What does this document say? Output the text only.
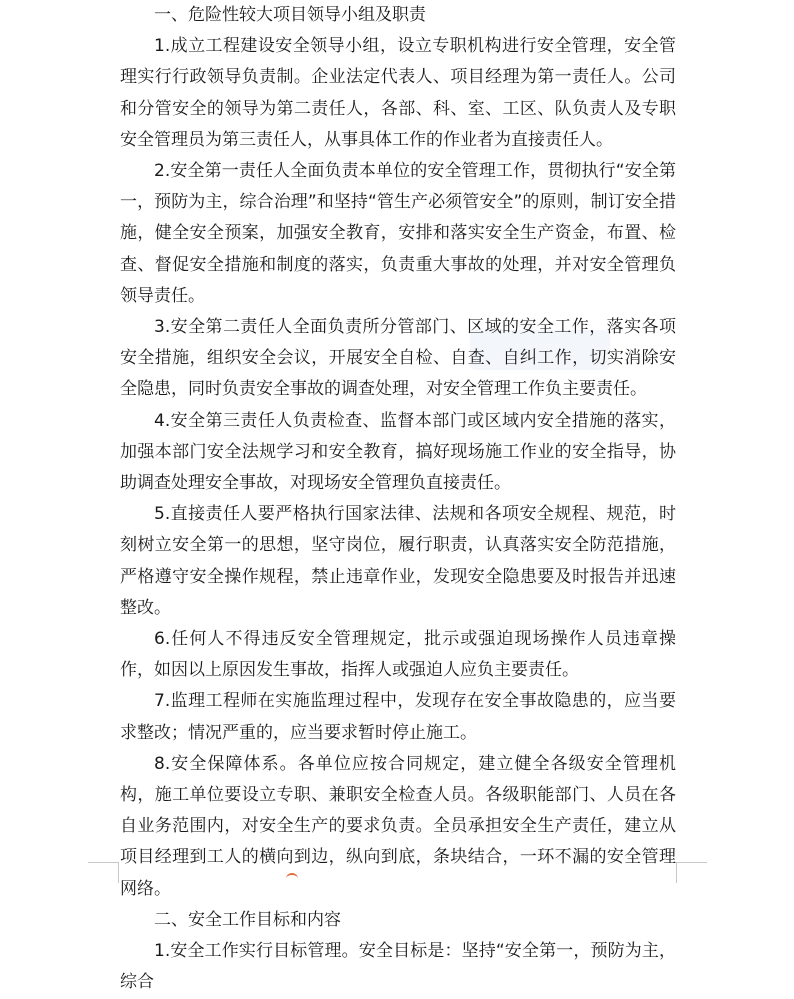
一、危险性较大项目领导小组及职责

1.成立工程建设安全领导小组，设立专职机构进行安全管理，安全管理实行行政领导负责制。企业法定代表人、项目经理为第一责任人。公司和分管安全的领导为第二责任人，各部、科、室、工区、队负责人及专职安全管理员为第三责任人，从事具体工作的作业者为直接责任人。

2.安全第一责任人全面负责本单位的安全管理工作，贯彻执行“安全第一，预防为主，综合治理”和坚持“管生产必须管安全”的原则，制订安全措施，健全安全预案，加强安全教育，安排和落实安全生产资金，布置、检查、督促安全措施和制度的落实，负责重大事故的处理，并对安全管理负领导责任。

3.安全第二责任人全面负责所分管部门、区域的安全工作，落实各项安全措施，组织安全会议，开展安全自检、自查、自纠工作，切实消除安全隐患，同时负责安全事故的调查处理，对安全管理工作负主要责任。

4.安全第三责任人负责检查、监督本部门或区域内安全措施的落实，加强本部门安全法规学习和安全教育，搞好现场施工作业的安全指导，协助调查处理安全事故，对现场安全管理负直接责任。

5.直接责任人要严格执行国家法律、法规和各项安全规程、规范，时刻树立安全第一的思想，坚守岗位，履行职责，认真落实安全防范措施，严格遵守安全操作规程，禁止违章作业，发现安全隐患要及时报告并迅速整改。

6.任何人不得违反安全管理规定，批示或强迫现场操作人员违章操作，如因以上原因发生事故，指挥人或强迫人应负主要责任。

7.监理工程师在实施监理过程中，发现存在安全事故隐患的，应当要求整改；情况严重的，应当要求暂时停止施工。

8.安全保障体系。各单位应按合同规定，建立健全各级安全管理机构，施工单位要设立专职、兼职安全检查人员。各级职能部门、人员在各自业务范围内，对安全生产的要求负责。全员承担安全生产责任，建立从项目经理到工人的横向到边，纵向到底，条块结合，一环不漏的安全管理网络。

二、安全工作目标和内容

1.安全工作实行目标管理。安全目标是：坚持“安全第一，预防为主，综合
